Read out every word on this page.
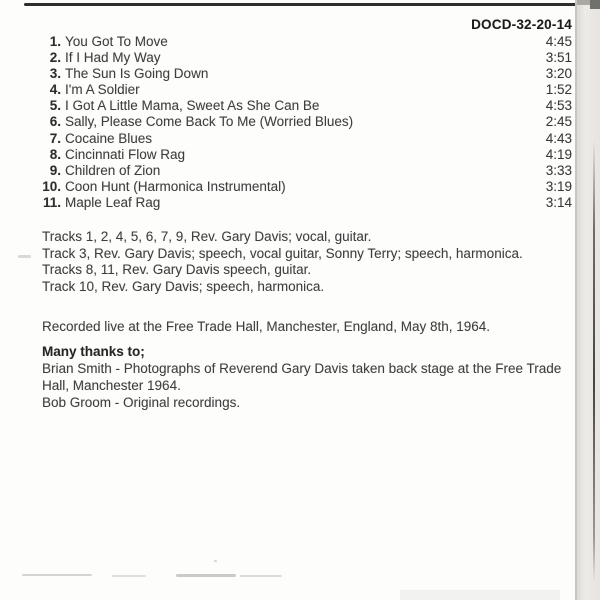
DOCD-32-20-14
1. You Got To Move	4:45
2. If I Had My Way	3:51
3. The Sun Is Going Down	3:20
4. I'm A Soldier	1:52
5. I Got A Little Mama, Sweet As She Can Be	4:53
6. Sally, Please Come Back To Me (Worried Blues)	2:45
7. Cocaine Blues	4:43
8. Cincinnati Flow Rag	4:19
9. Children of Zion	3:33
10. Coon Hunt (Harmonica Instrumental)	3:19
11. Maple Leaf Rag	3:14
Tracks 1, 2, 4, 5, 6, 7, 9, Rev. Gary Davis; vocal, guitar.
Track 3, Rev. Gary Davis; speech, vocal guitar, Sonny Terry; speech, harmonica.
Tracks 8, 11, Rev. Gary Davis speech, guitar.
Track 10, Rev. Gary Davis; speech, harmonica.
Recorded live at the Free Trade Hall, Manchester, England, May 8th, 1964.
Many thanks to;
Brian Smith - Photographs of Reverend Gary Davis taken back stage at the Free Trade
Hall, Manchester 1964.
Bob Groom - Original recordings.
